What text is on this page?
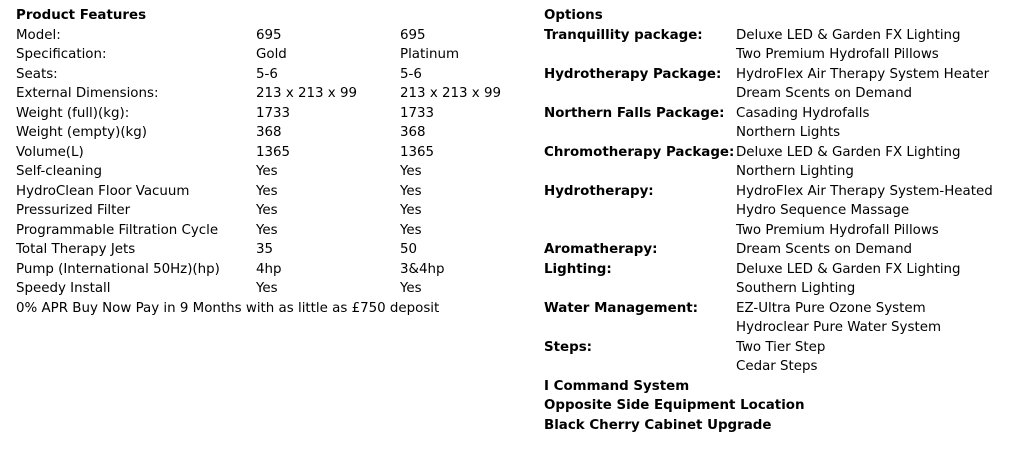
Product Features
Model:	695	695
Specification:	Gold	Platinum
Seats:	5-6	5-6
External Dimensions:	213 x 213 x 99	213 x 213 x 99
Weight (full)(kg):	1733	1733
Weight (empty)(kg)	368	368
Volume(L)	1365	1365
Self-cleaning	Yes	Yes
HydroClean Floor Vacuum	Yes	Yes
Pressurized Filter	Yes	Yes
Programmable Filtration Cycle	Yes	Yes
Total Therapy Jets	35	50
Pump (International 50Hz)(hp)	4hp	3&4hp
Speedy Install	Yes	Yes
0% APR Buy Now Pay in 9 Months with as little as £750 deposit
Options
Tranquillity package: Deluxe LED & Garden FX Lighting
Two Premium Hydrofall Pillows
Hydrotherapy Package: HydroFlex Air Therapy System Heater
Dream Scents on Demand
Northern Falls Package: Casading Hydrofalls
Northern Lights
Chromotherapy Package: Deluxe LED & Garden FX Lighting
Northern Lighting
Hydrotherapy:	HydroFlex Air Therapy System-Heated
Hydro Sequence Massage
Two Premium Hydrofall Pillows
Aromatherapy:	Dream Scents on Demand
Lighting:	Deluxe LED & Garden FX Lighting
Southern Lighting
Water Management:	EZ-Ultra Pure Ozone System
Hydroclear Pure Water System
Steps:	Two Tier Step
Cedar Steps
I Command System
Opposite Side Equipment Location
Black Cherry Cabinet Upgrade
